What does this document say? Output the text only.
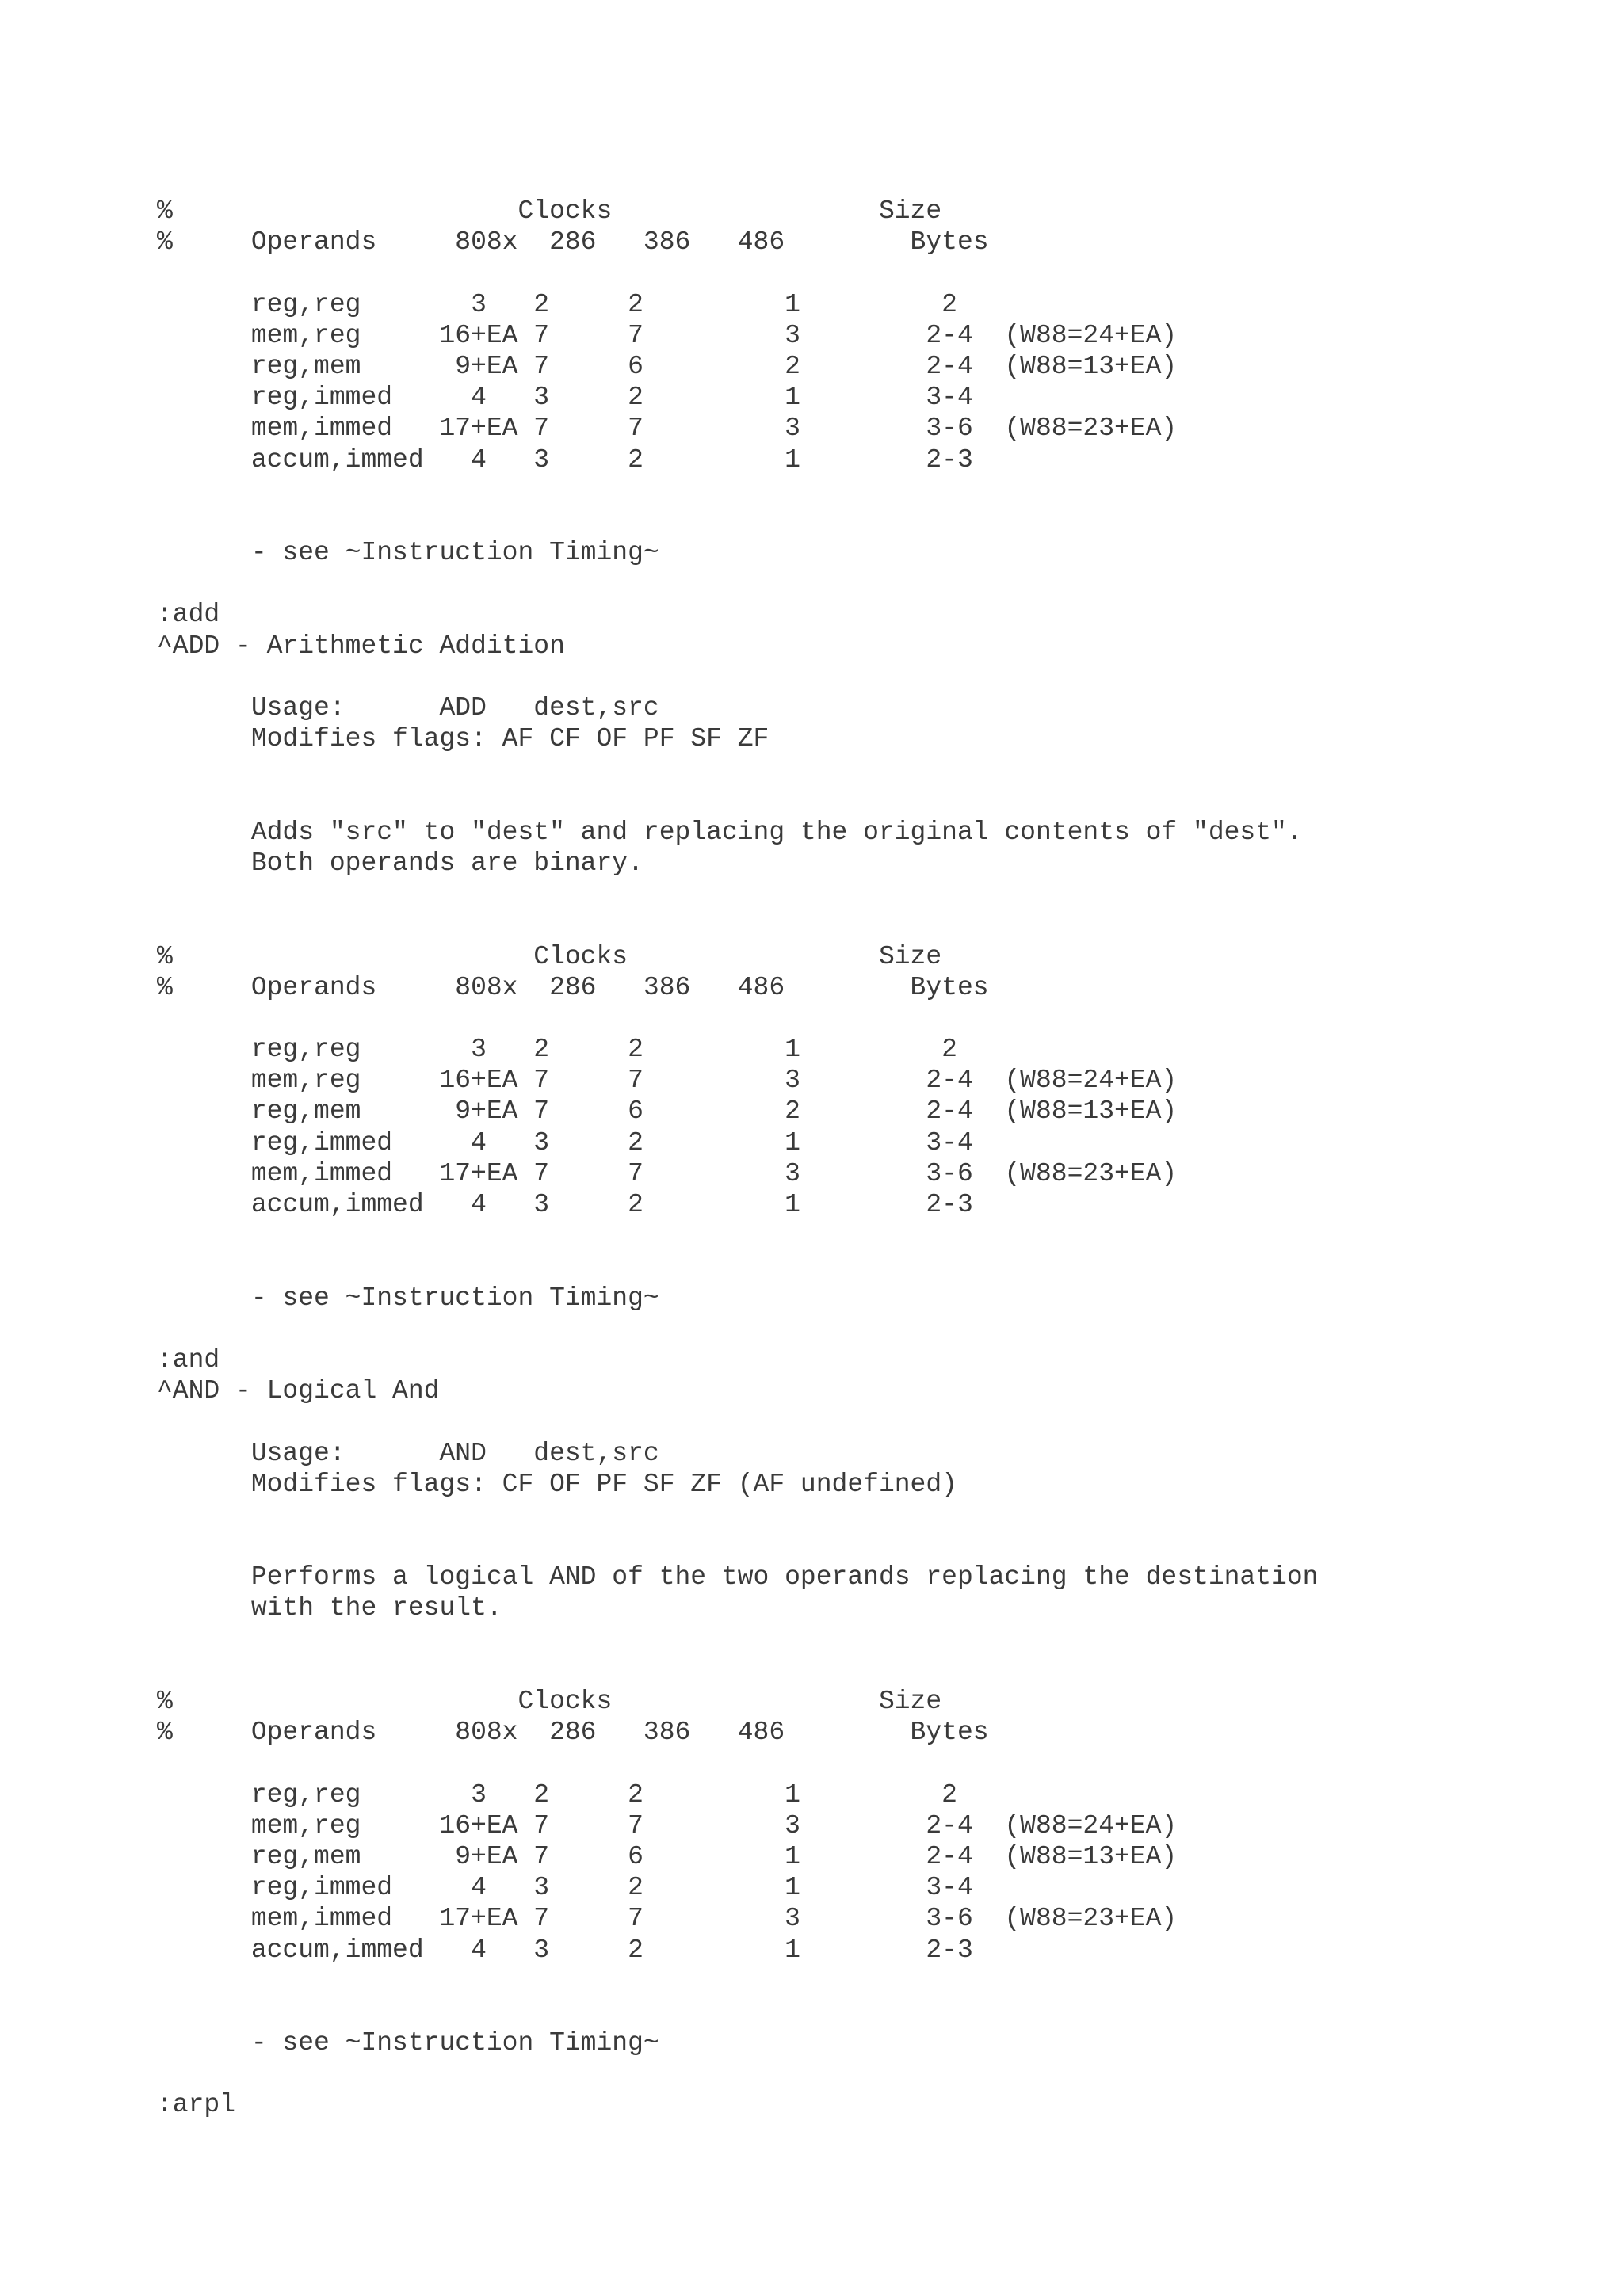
%                      Clocks                 Size
%     Operands     808x  286   386   486        Bytes
reg,reg       3   2     2         1         2
mem,reg     16+EA 7     7         3        2-4  (W88=24+EA)
reg,mem      9+EA 7     6         2        2-4  (W88=13+EA)
reg,immed     4   3     2         1        3-4
mem,immed   17+EA 7     7         3        3-6  (W88=23+EA)
accum,immed   4   3     2         1        2-3
- see ~Instruction Timing~
:add
^ADD - Arithmetic Addition
Usage:      ADD   dest,src
Modifies flags: AF CF OF PF SF ZF
Adds "src" to "dest" and replacing the original contents of "dest".
Both operands are binary.
%                       Clocks                Size
%     Operands     808x  286   386   486        Bytes
reg,reg       3   2     2         1         2
mem,reg     16+EA 7     7         3        2-4  (W88=24+EA)
reg,mem      9+EA 7     6         2        2-4  (W88=13+EA)
reg,immed     4   3     2         1        3-4
mem,immed   17+EA 7     7         3        3-6  (W88=23+EA)
accum,immed   4   3     2         1        2-3
- see ~Instruction Timing~
:and
^AND - Logical And
Usage:      AND   dest,src
Modifies flags: CF OF PF SF ZF (AF undefined)
Performs a logical AND of the two operands replacing the destination
with the result.
%                      Clocks                 Size
%     Operands     808x  286   386   486        Bytes
reg,reg       3   2     2         1         2
mem,reg     16+EA 7     7         3        2-4  (W88=24+EA)
reg,mem      9+EA 7     6         1        2-4  (W88=13+EA)
reg,immed     4   3     2         1        3-4
mem,immed   17+EA 7     7         3        3-6  (W88=23+EA)
accum,immed   4   3     2         1        2-3
- see ~Instruction Timing~
:arpl
